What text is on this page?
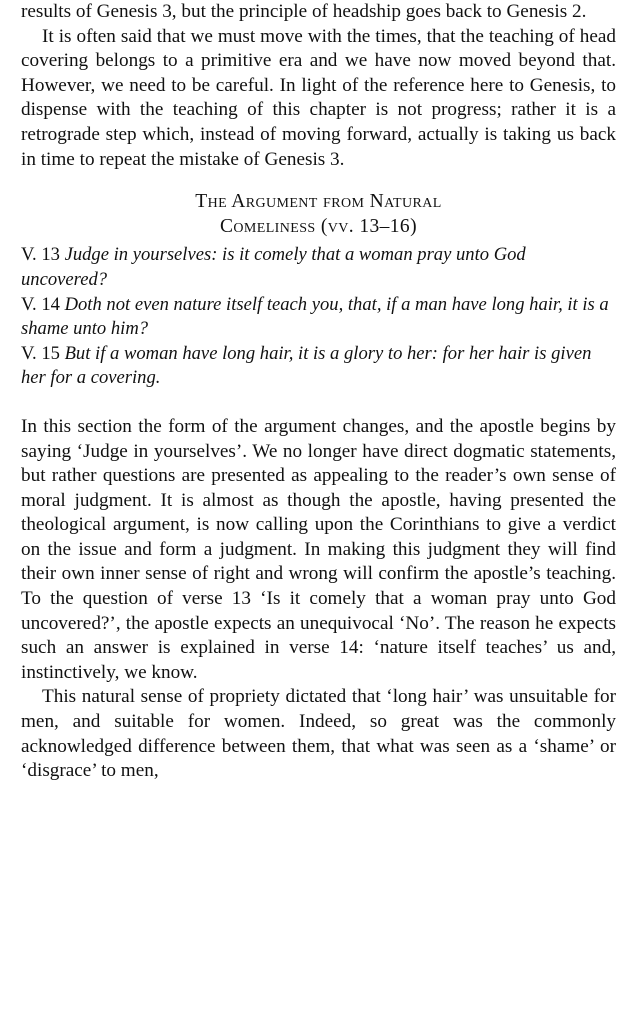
results of Genesis 3, but the principle of headship goes back to Genesis 2.

It is often said that we must move with the times, that the teaching of head covering belongs to a primitive era and we have now moved beyond that. However, we need to be careful. In light of the reference here to Genesis, to dispense with the teaching of this chapter is not progress; rather it is a retrograde step which, instead of moving forward, actually is taking us back in time to repeat the mistake of Genesis 3.

The Argument from Natural
Comeliness (vv. 13–16)

V. 13 Judge in yourselves: is it comely that a woman pray unto God uncovered?

V. 14 Doth not even nature itself teach you, that, if a man have long hair, it is a shame unto him?

V. 15 But if a woman have long hair, it is a glory to her: for her hair is given her for a covering.

In this section the form of the argument changes, and the apostle begins by saying ‘Judge in yourselves’. We no longer have direct dogmatic statements, but rather questions are presented as appealing to the reader’s own sense of moral judgment. It is almost as though the apostle, having presented the theological argument, is now calling upon the Corinthians to give a verdict on the issue and form a judgment. In making this judgment they will find their own inner sense of right and wrong will confirm the apostle’s teaching. To the question of verse 13 ‘Is it comely that a woman pray unto God uncovered?’, the apostle expects an unequivocal ‘No’. The reason he expects such an answer is explained in verse 14: ‘nature itself teaches’ us and, instinctively, we know.

This natural sense of propriety dictated that ‘long hair’ was unsuitable for men, and suitable for women. Indeed, so great was the commonly acknowledged difference between them, that what was seen as a ‘shame’ or ‘disgrace’ to men,
